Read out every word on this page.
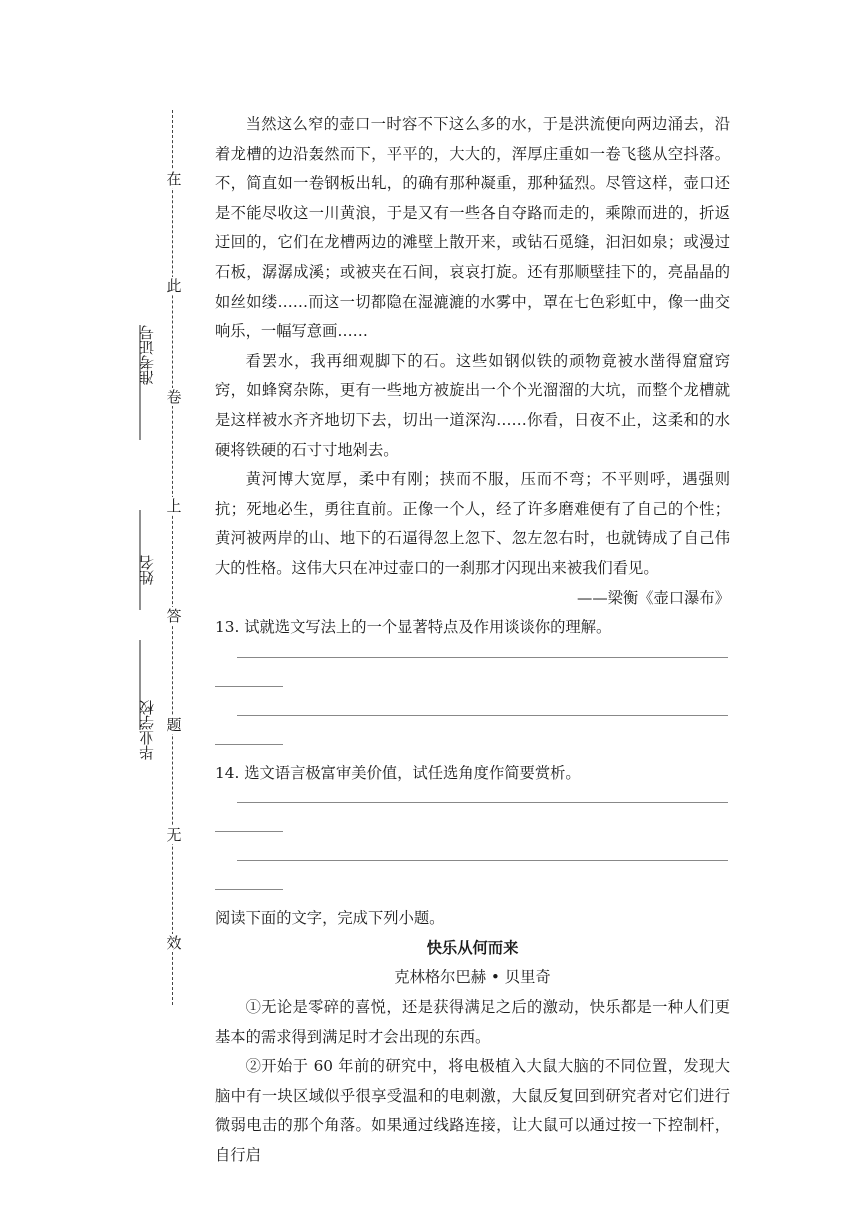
在
此
卷
上
答
题
无
效
准考证号
姓名
毕业学校

当然这么窄的壶口一时容不下这么多的水，于是洪流便向两边涌去，沿着龙槽的边沿轰然而下，平平的，大大的，浑厚庄重如一卷飞毯从空抖落。不，简直如一卷钢板出轧，的确有那种凝重，那种猛烈。尽管这样，壶口还是不能尽收这一川黄浪，于是又有一些各自夺路而走的，乘隙而进的，折返迂回的，它们在龙槽两边的滩壁上散开来，或钻石觅缝，汩汩如泉；或漫过石板，潺潺成溪；或被夹在石间，哀哀打旋。还有那顺壁挂下的，亮晶晶的如丝如缕……而这一切都隐在湿漉漉的水雾中，罩在七色彩虹中，像一曲交响乐，一幅写意画……

看罢水，我再细观脚下的石。这些如钢似铁的顽物竟被水凿得窟窟窍窍，如蜂窝杂陈，更有一些地方被旋出一个个光溜溜的大坑，而整个龙槽就是这样被水齐齐地切下去，切出一道深沟……你看，日夜不止，这柔和的水硬将铁硬的石寸寸地剁去。

黄河博大宽厚，柔中有刚；挟而不服，压而不弯；不平则呼，遇强则抗；死地必生，勇往直前。正像一个人，经了许多磨难便有了自己的个性；黄河被两岸的山、地下的石逼得忽上忽下、忽左忽右时，也就铸成了自己伟大的性格。这伟大只在冲过壶口的一刹那才闪现出来被我们看见。

——梁衡《壶口瀑布》

13. 试就选文写法上的一个显著特点及作用谈谈你的理解。

14. 选文语言极富审美价值，试任选角度作简要赏析。

阅读下面的文字，完成下列小题。

快乐从何而来

克林格尔巴赫 • 贝里奇

①无论是零碎的喜悦，还是获得满足之后的激动，快乐都是一种人们更基本的需求得到满足时才会出现的东西。

②开始于 60 年前的研究中，将电极植入大鼠大脑的不同位置，发现大脑中有一块区域似乎很享受温和的电刺激，大鼠反复回到研究者对它们进行微弱电击的那个角落。如果通过线路连接，让大鼠可以通过按一下控制杆，自行启
